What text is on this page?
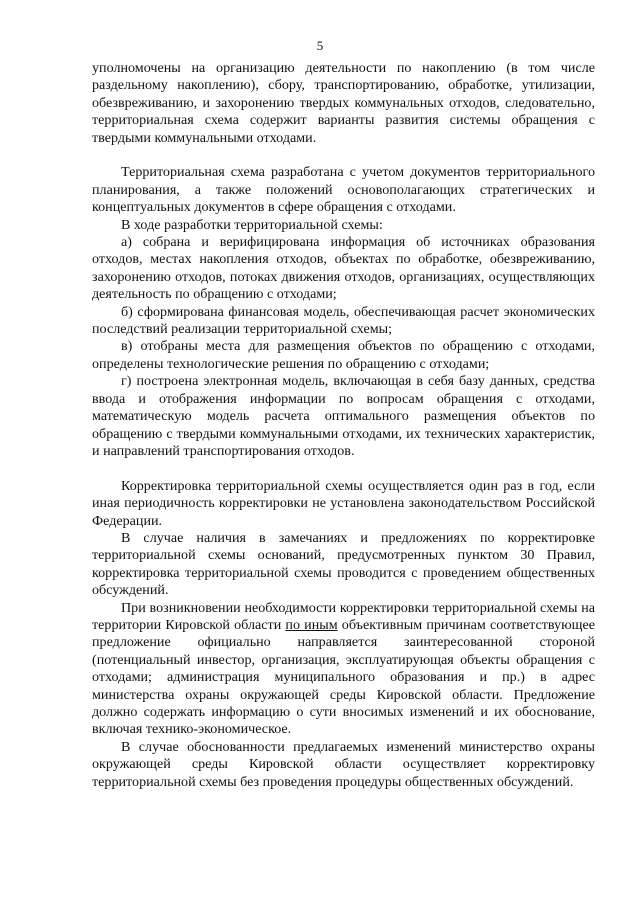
5

уполномочены на организацию деятельности по накоплению (в том числе раздельному накоплению), сбору, транспортированию, обработке, утилизации, обезвреживанию, и захоронению твердых коммунальных отходов, следовательно, территориальная схема содержит варианты развития системы обращения с твердыми коммунальными отходами.

Территориальная схема разработана с учетом документов территориального планирования, а также положений основополагающих стратегических и концептуальных документов в сфере обращения с отходами.

В ходе разработки территориальной схемы:

а) собрана и верифицирована информация об источниках образования отходов, местах накопления отходов, объектах по обработке, обезвреживанию, захоронению отходов, потоках движения отходов, организациях, осуществляющих деятельность по обращению с отходами;

б) сформирована финансовая модель, обеспечивающая расчет экономических последствий реализации территориальной схемы;

в) отобраны места для размещения объектов по обращению с отходами, определены технологические решения по обращению с отходами;

г) построена электронная модель, включающая в себя базу данных, средства ввода и отображения информации по вопросам обращения с отходами, математическую модель расчета оптимального размещения объектов по обращению с твердыми коммунальными отходами, их технических характеристик, и направлений транспортирования отходов.

Корректировка территориальной схемы осуществляется один раз в год, если иная периодичность корректировки не установлена законодательством Российской Федерации.

В случае наличия в замечаниях и предложениях по корректировке территориальной схемы оснований, предусмотренных пунктом 30 Правил, корректировка территориальной схемы проводится с проведением общественных обсуждений.

При возникновении необходимости корректировки территориальной схемы на территории Кировской области по иным объективным причинам соответствующее предложение официально направляется заинтересованной стороной (потенциальный инвестор, организация, эксплуатирующая объекты обращения с отходами; администрация муниципального образования и пр.) в адрес министерства охраны окружающей среды Кировской области. Предложение должно содержать информацию о сути вносимых изменений и их обоснование, включая технико-экономическое.

В случае обоснованности предлагаемых изменений министерство охраны окружающей среды Кировской области осуществляет корректировку территориальной схемы без проведения процедуры общественных обсуждений.
